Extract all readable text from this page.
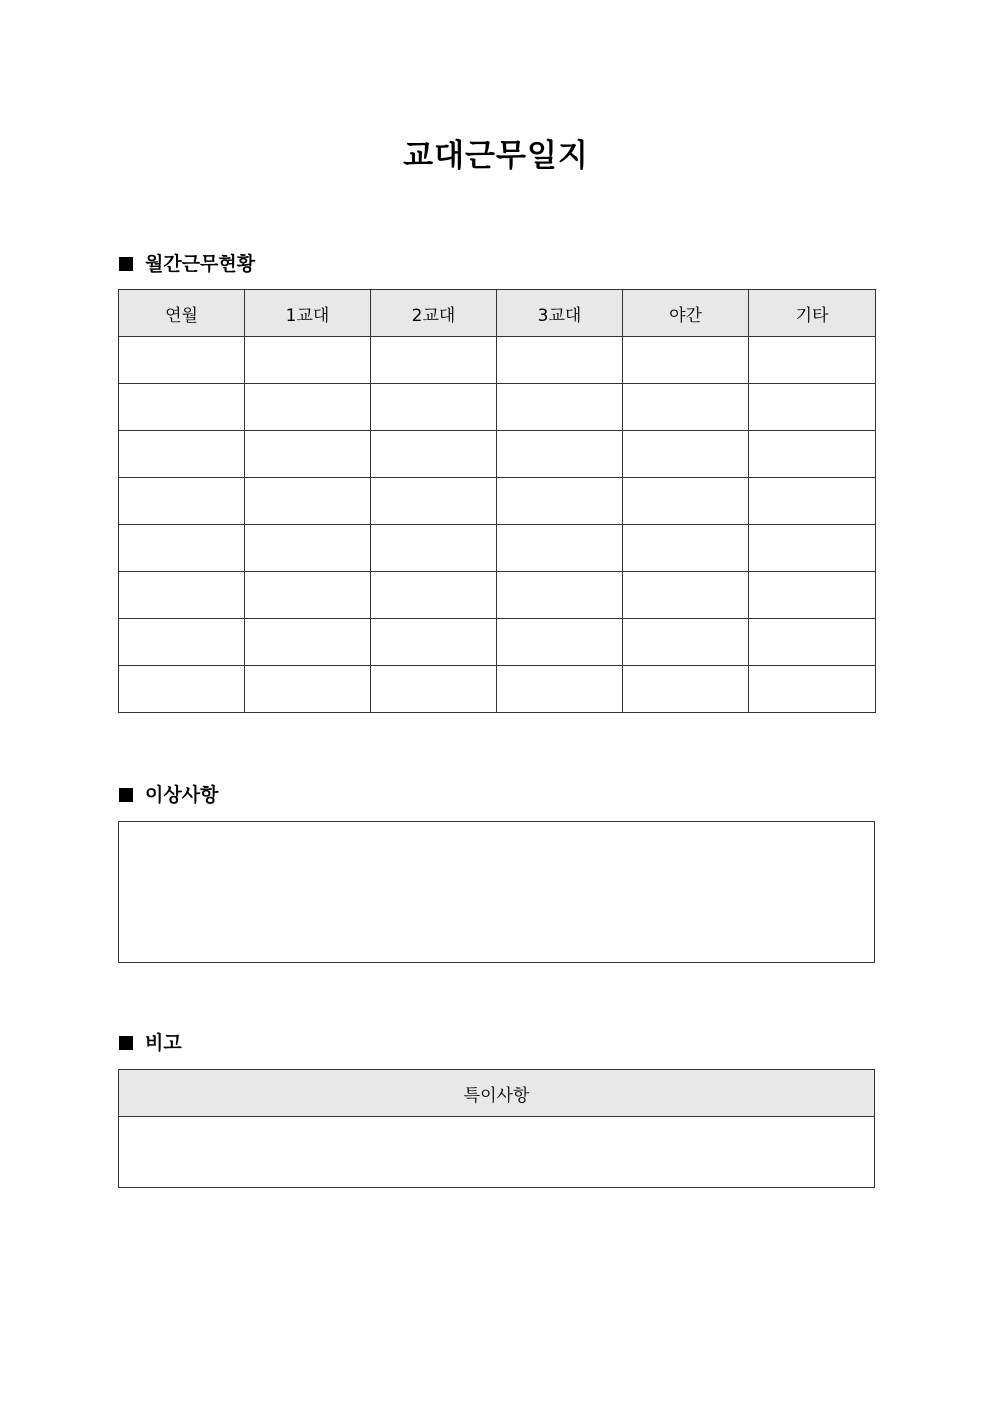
교대근무일지
월간근무현황
연월	1교대	2교대	3교대	야간	기타

이상사항
비고
특이사항
